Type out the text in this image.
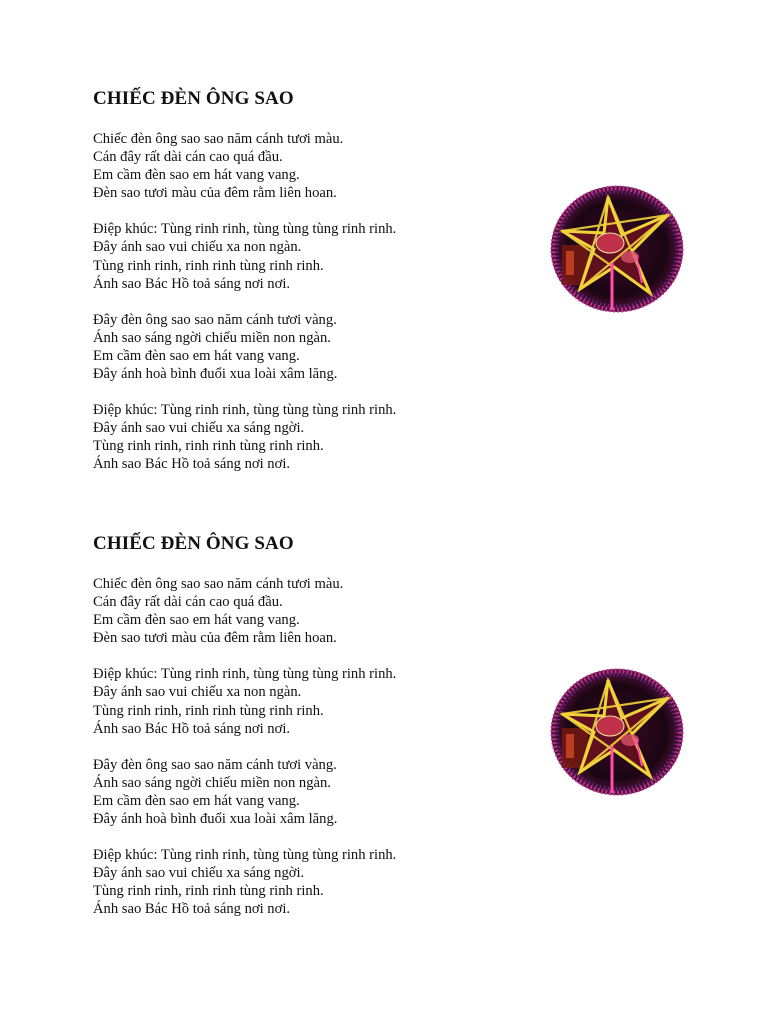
CHIẾC ĐÈN ÔNG SAO
Chiếc đèn ông sao sao năm cánh tươi màu.
Cán đây rất dài cán cao quá đầu.
Em cầm đèn sao em hát vang vang.
Đèn sao tươi màu của đêm rằm liên hoan.
Điệp khúc: Tùng rinh rinh, tùng tùng tùng rinh rinh.
Đây ánh sao vui chiếu xa non ngàn.
Tùng rinh rinh, rinh rinh tùng rinh rinh.
Ánh sao Bác Hồ toả sáng nơi nơi.
Đây đèn ông sao sao năm cánh tươi vàng.
Ánh sao sáng ngời chiếu miền non ngàn.
Em cầm đèn sao em hát vang vang.
Đây ánh hoà bình đuổi xua loài xâm lăng.
Điệp khúc: Tùng rinh rinh, tùng tùng tùng rinh rinh.
Đây ánh sao vui chiếu xa sáng ngời.
Tùng rinh rinh, rinh rinh tùng rinh rinh.
Ánh sao Bác Hồ toả sáng nơi nơi.
CHIẾC ĐÈN ÔNG SAO
Chiếc đèn ông sao sao năm cánh tươi màu.
Cán đây rất dài cán cao quá đầu.
Em cầm đèn sao em hát vang vang.
Đèn sao tươi màu của đêm rằm liên hoan.
Điệp khúc: Tùng rinh rinh, tùng tùng tùng rinh rinh.
Đây ánh sao vui chiếu xa non ngàn.
Tùng rinh rinh, rinh rinh tùng rinh rinh.
Ánh sao Bác Hồ toả sáng nơi nơi.
Đây đèn ông sao sao năm cánh tươi vàng.
Ánh sao sáng ngời chiếu miền non ngàn.
Em cầm đèn sao em hát vang vang.
Đây ánh hoà bình đuổi xua loài xâm lăng.
Điệp khúc: Tùng rinh rinh, tùng tùng tùng rinh rinh.
Đây ánh sao vui chiếu xa sáng ngời.
Tùng rinh rinh, rinh rinh tùng rinh rinh.
Ánh sao Bác Hồ toả sáng nơi nơi.
